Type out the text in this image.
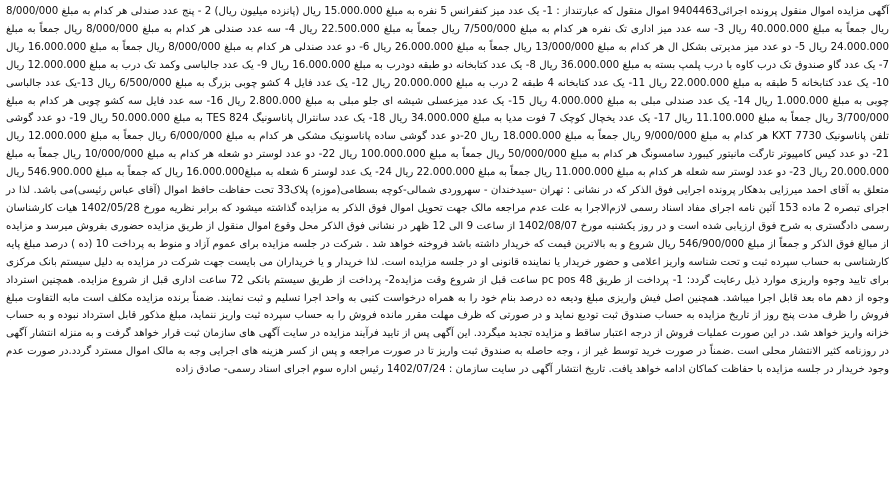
آگهی مزایده اموال منقول پرونده اجرائی9404463 اموال منقول که عبارتنداز : 1- یک عدد میز کنفرانس 5 نفره به مبلغ 15.000.000 ریال (پانزده میلیون ریال) 2 - پنج عدد صندلی هر کدام به مبلغ 8/000/000 ریال جمعاً به مبلغ 40.000.000 ریال 3- سه عدد میز اداری تک نفره هر کدام به مبلغ 7/500/000 ریال جمعاً به مبلغ 22.500.000 ریال 4- سه عدد صندلی هر کدام به مبلغ 8/000/000 ریال جمعاً به مبلغ 24.000.000 ریال 5- دو عدد میز مدیرتی بشکل ال هر کدام به مبلغ 13/000/000 ریال جمعاً به مبلغ 26.000.000 ریال 6- دو عدد صندلی هر کدام به مبلغ 8/000/000 ریال جمعاً به مبلغ 16.000.000 ریال 7- یک عدد گاو صندوق تک درب کاوه با درب پلمپ بسته به مبلغ 36.000.000 ریال 8- یک عدد کتابخانه دو طبقه دودرب به مبلغ 16.000.000 ریال 9- یک عدد جالباسی وکمد تک درب به مبلغ 12.000.000 ریال 10- یک عدد کتابخانه 5 طبقه به مبلغ 22.000.000 ریال 11- یک عدد کتابخانه 4 طبقه 2 درب به مبلغ 20.000.000 ریال 12- یک عدد فایل 4 کشو چوبی بزرگ به مبلغ 6/500/000 ریال 13-یک عدد جالباسی چوبی به مبلغ 1.000.000 ریال 14- یک عدد صندلی مبلی به مبلغ 4.000.000 ریال 15- یک عدد میزعسلی شیشه ای جلو مبلی به مبلغ 2.800.000 ریال 16- سه عدد فایل سه کشو چوبی هر کدام به مبلغ 3/700/000 ریال جمعاً به مبلغ 11.100.000 ریال 17- یک عدد یخچال کوچک 7 فوت مدیا به مبلغ 34.000.000 ریال 18- یک عدد سانترال پاناسونیگ TES 824 به مبلغ 50.000.000 ریال 19- دو عدد گوشی تلفن پاناسونیک KXT 7730 هر کدام به مبلغ 9/000/000 ریال جمعاً به مبلغ 18.000.000 ریال 20-دو عدد گوشی ساده پاناسونیک مشکی هر کدام به مبلغ 6/000/000 ریال جمعاً به مبلغ 12.000.000 ریال 21- دو عدد کیس کامپیوتر تارگت مانیتور کیبورد سامسونگ هر کدام به مبلغ 50/000/000 ریال جمعاً به مبلغ 100.000.000 ریال 22- دو عدد لوستر دو شعله هر کدام به مبلغ 10/000/000 ریال جمعاً به مبلغ 20.000.000 ریال 23- دو عدد لوستر سه شعله هر کدام به مبلغ 11.000.000 ریال جمعاً به مبلغ 22.000.000 ریال 24- یک عدد لوستر 6 شعله به مبلغ16.000.000 ریال که جمعاً به مبلغ 546.900.000 ریال متعلق به آقای احمد میرزایی بدهکار پرونده اجرایی فوق الذکر که در نشانی : تهران -سیدخندان - سهروردی شمالی-کوچه بسطامی(موزه) پلاک33 تحت حفاظت حافظ اموال (آقای عباس رئیسی)می باشد. لذا در اجرای تبصره 2 ماده 153 آئین نامه اجرای مفاد اسناد رسمی لازم‌الاجرا به علت عدم مراجعه مالک جهت تحویل اموال فوق الذکر به مزایده گذاشته میشود که برابر نظریه مورخ 1402/05/28 هیات کارشناسان رسمی دادگستری به شرح فوق ارزیابی شده است و در روز یکشنبه مورخ 1402/08/07 از ساعت 9 الی 12 ظهر در نشانی فوق الذکر محل وقوع اموال منقول از طریق مزایده حضوری بفروش میرسد و مزایده از مبالغ فوق الذکر و جمعاً از مبلغ 546/900/000 ریال شروع و به بالاترین قیمت که خریدار داشته باشد فروخته خواهد شد . شرکت در جلسه مزایده برای عموم آزاد و منوط به پرداخت 10 (ده ) درصد مبلغ پایه کارشناسی به حساب سپرده ثبت و تحت شناسه واریز اعلامی و حضور خریدار یا نماینده قانونی او در جلسه مزایده است. لذا خریدار و یا خریداران می بایست جهت شرکت در مزایده به دلیل سیستم بانک مرکزی برای تایید وجوه واریزی موارد ذیل رعایت گردد: 1- پرداخت از طریق pc pos 48 ساعت قبل از شروع وقت مزایده2- پرداخت از طریق سیستم بانکی 72 ساعت اداری قبل از شروع مزایده. همچنین استرداد وجوه از دهم ماه بعد قابل اجرا میباشد. همچنین اصل فیش واریزی مبلغ ودیعه ده درصد بنام خود را به همراه درخواست کتبی به واحد اجرا تسلیم و ثبت نمایند. ضمناً برنده مزایده مکلف است مابه التفاوت مبلغ فروش را ظرف مدت پنج روز از تاریخ مزایده به حساب صندوق ثبت تودیع نماید و در صورتی که ظرف مهلت مقرر مانده فروش را به حساب سپرده ثبت واریز ننماید، مبلغ مذکور قابل استرداد نبوده و به حساب خزانه واریز خواهد شد. در این صورت عملیات فروش از درجه اعتبار ساقط و مزایده تجدید میگردد. این آگهی پس از تایید فرآیند مزایده در سایت آگهی های سازمان ثبت قرار خواهد گرفت و به منزله انتشار آگهی در روزنامه کثیر الانتشار محلی است .ضمناً در صورت خرید توسط غیر از ، وجه حاصله به صندوق ثبت واریز تا در صورت مراجعه و پس از کسر هزینه های اجرایی وجه به مالک اموال مسترد گردد.در صورت عدم وجود خریدار در جلسه مزایده با حفاظت کماکان ادامه خواهد یافت. تاریخ انتشار آگهی در سایت سازمان : 1402/07/24 رئیس اداره سوم اجرای اسناد رسمی- صادق زاده
